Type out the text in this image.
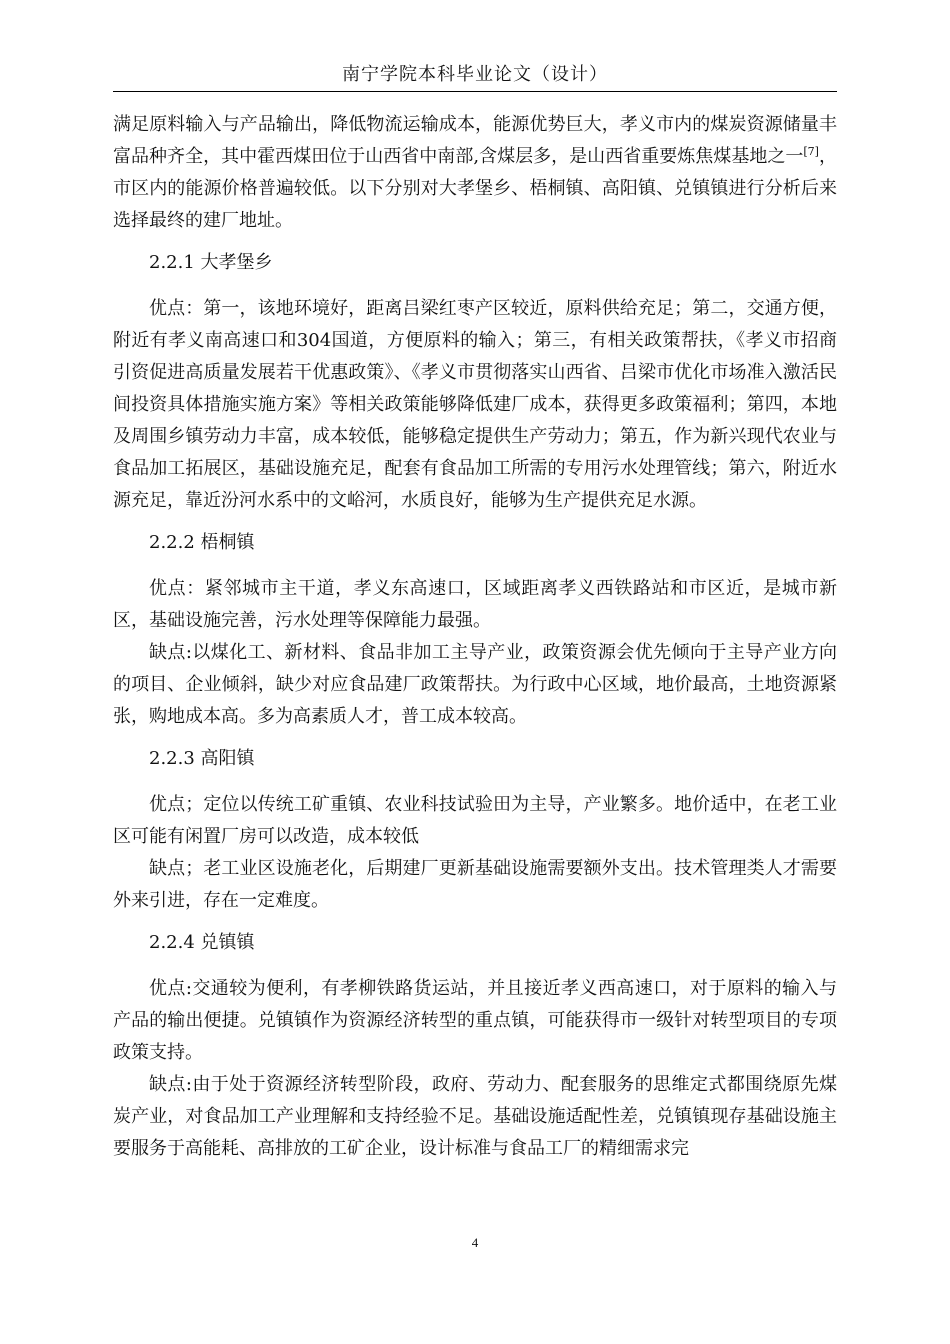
南宁学院本科毕业论文（设计）

满足原料输入与产品输出，降低物流运输成本，能源优势巨大，孝义市内的煤炭资源储量丰富品种齐全，其中霍西煤田位于山西省中南部,含煤层多，是山西省重要炼焦煤基地之一[7]，市区内的能源价格普遍较低。以下分别对大孝堡乡、梧桐镇、高阳镇、兑镇镇进行分析后来选择最终的建厂地址。

2.2.1 大孝堡乡

优点：第一，该地环境好，距离吕梁红枣产区较近，原料供给充足；第二，交通方便，附近有孝义南高速口和304国道，方便原料的输入；第三，有相关政策帮扶，《孝义市招商引资促进高质量发展若干优惠政策》、《孝义市贯彻落实山西省、吕梁市优化市场准入激活民间投资具体措施实施方案》等相关政策能够降低建厂成本，获得更多政策福利；第四，本地及周围乡镇劳动力丰富，成本较低，能够稳定提供生产劳动力；第五，作为新兴现代农业与食品加工拓展区，基础设施充足，配套有食品加工所需的专用污水处理管线；第六，附近水源充足，靠近汾河水系中的文峪河，水质良好，能够为生产提供充足水源。

2.2.2 梧桐镇

优点：紧邻城市主干道，孝义东高速口，区域距离孝义西铁路站和市区近，是城市新区，基础设施完善，污水处理等保障能力最强。

缺点:以煤化工、新材料、食品非加工主导产业，政策资源会优先倾向于主导产业方向的项目、企业倾斜，缺少对应食品建厂政策帮扶。为行政中心区域，地价最高，土地资源紧张，购地成本高。多为高素质人才，普工成本较高。

2.2.3 高阳镇

优点；定位以传统工矿重镇、农业科技试验田为主导，产业繁多。地价适中，在老工业区可能有闲置厂房可以改造，成本较低

缺点；老工业区设施老化，后期建厂更新基础设施需要额外支出。技术管理类人才需要外来引进，存在一定难度。

2.2.4 兑镇镇

优点:交通较为便利，有孝柳铁路货运站，并且接近孝义西高速口，对于原料的输入与产品的输出便捷。兑镇镇作为资源经济转型的重点镇，可能获得市一级针对转型项目的专项政策支持。

缺点:由于处于资源经济转型阶段，政府、劳动力、配套服务的思维定式都围绕原先煤炭产业，对食品加工产业理解和支持经验不足。基础设施适配性差，兑镇镇现存基础设施主要服务于高能耗、高排放的工矿企业，设计标准与食品工厂的精细需求完

4
